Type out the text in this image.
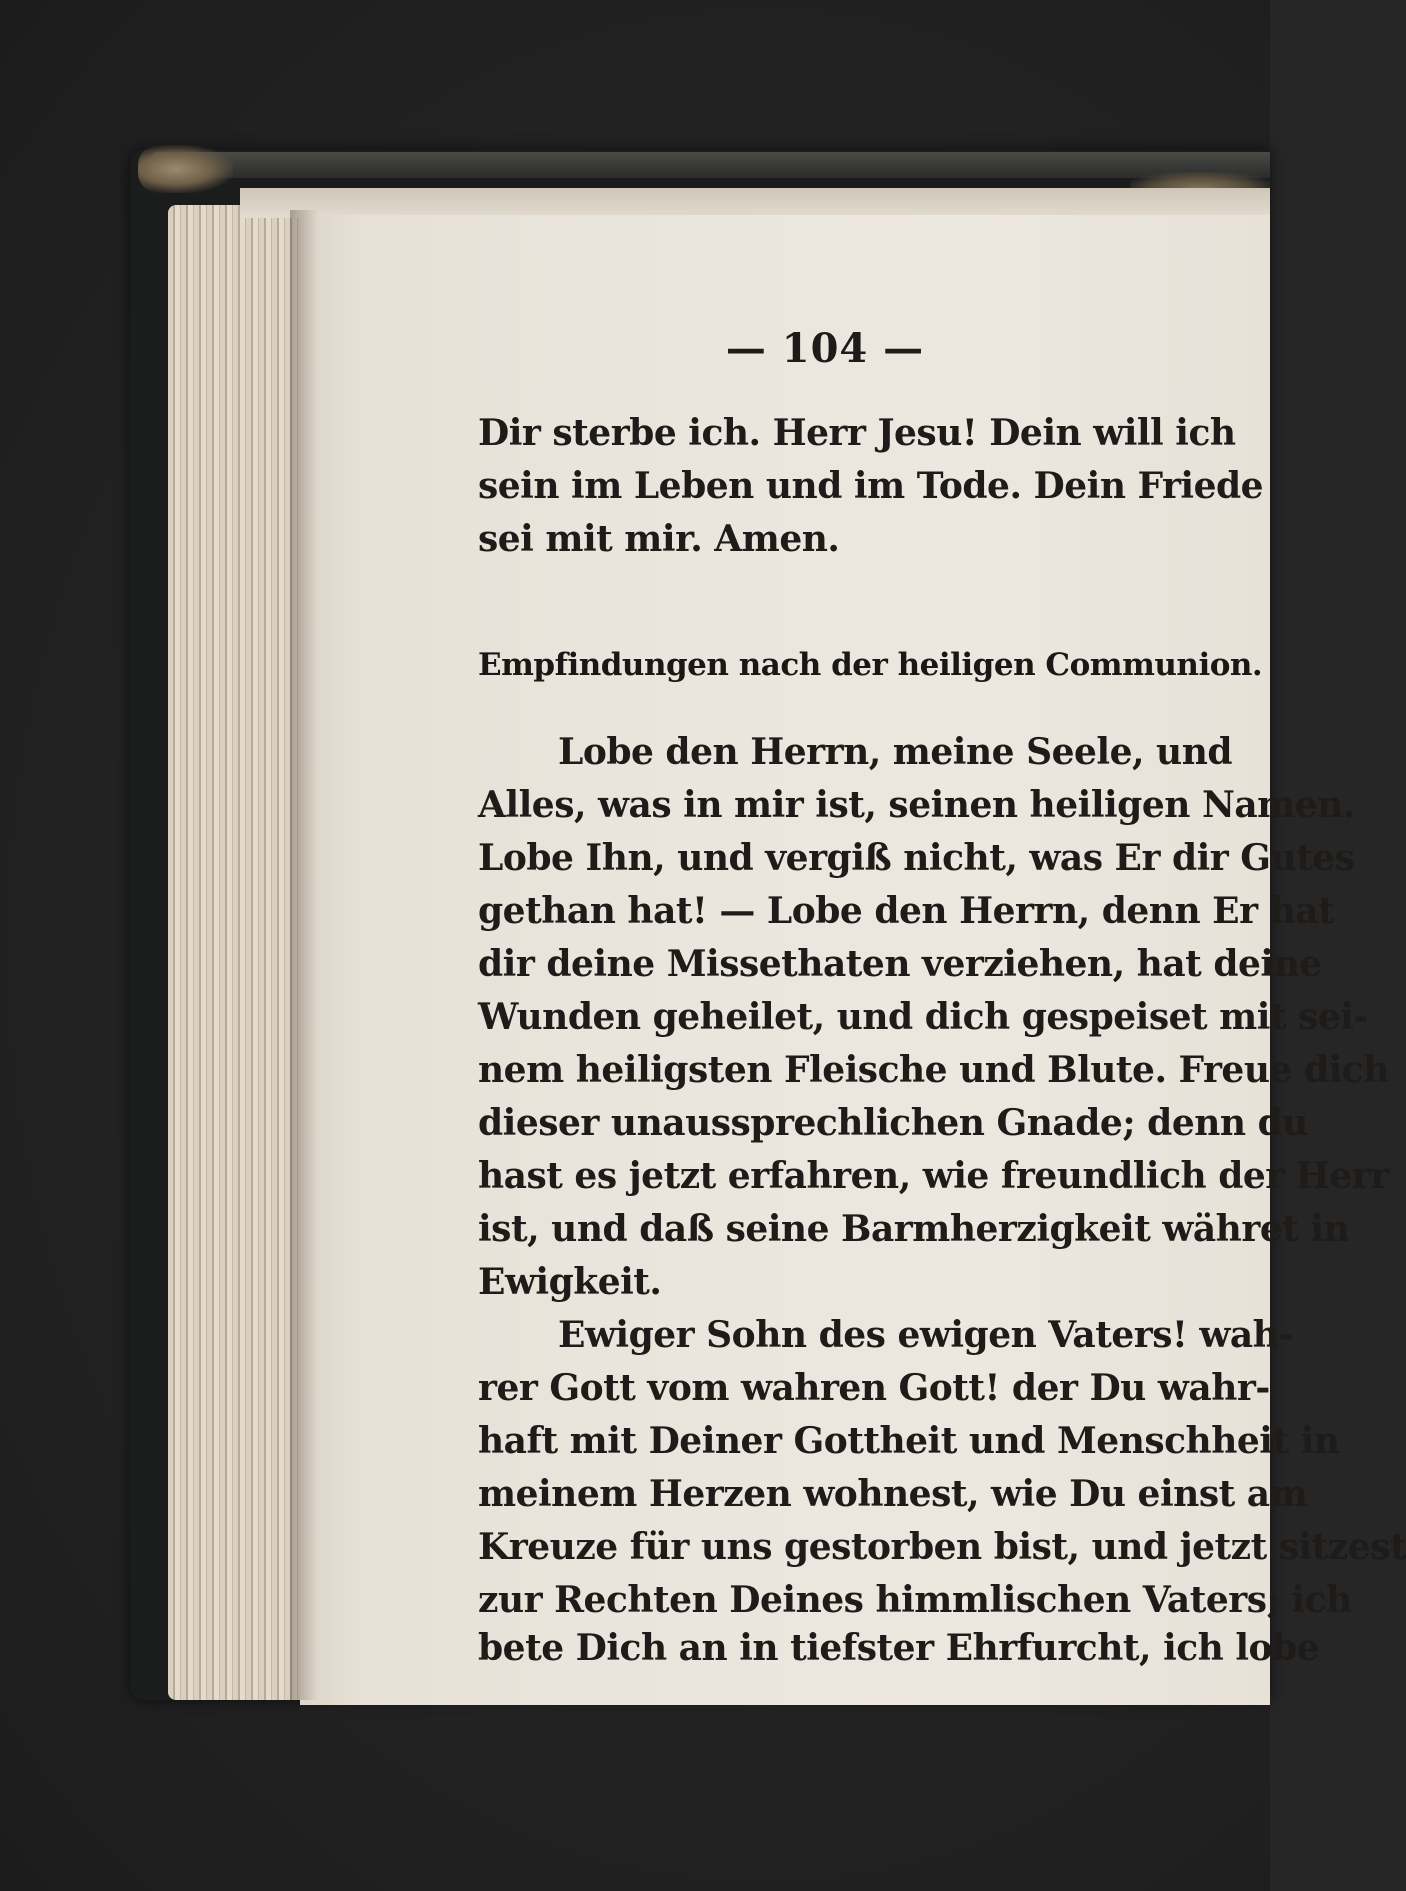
— 104 —
Dir sterbe ich. Herr Jesu! Dein will ich
sein im Leben und im Tode. Dein Friede
sei mit mir. Amen.
Empfindungen nach der heiligen Communion.
Lobe den Herrn, meine Seele, und
Alles, was in mir ist, seinen heiligen Namen.
Lobe Ihn, und vergiß nicht, was Er dir Gutes
gethan hat! — Lobe den Herrn, denn Er hat
dir deine Missethaten verziehen, hat deine
Wunden geheilet, und dich gespeiset mit sei-
nem heiligsten Fleische und Blute. Freue dich
dieser unaussprechlichen Gnade; denn du
hast es jetzt erfahren, wie freundlich der Herr
ist, und daß seine Barmherzigkeit währet in
Ewigkeit.
Ewiger Sohn des ewigen Vaters! wah-
rer Gott vom wahren Gott! der Du wahr-
haft mit Deiner Gottheit und Menschheit in
meinem Herzen wohnest, wie Du einst am
Kreuze für uns gestorben bist, und jetzt sitzest
zur Rechten Deines himmlischen Vaters; ich
bete Dich an in tiefster Ehrfurcht, ich lobe
